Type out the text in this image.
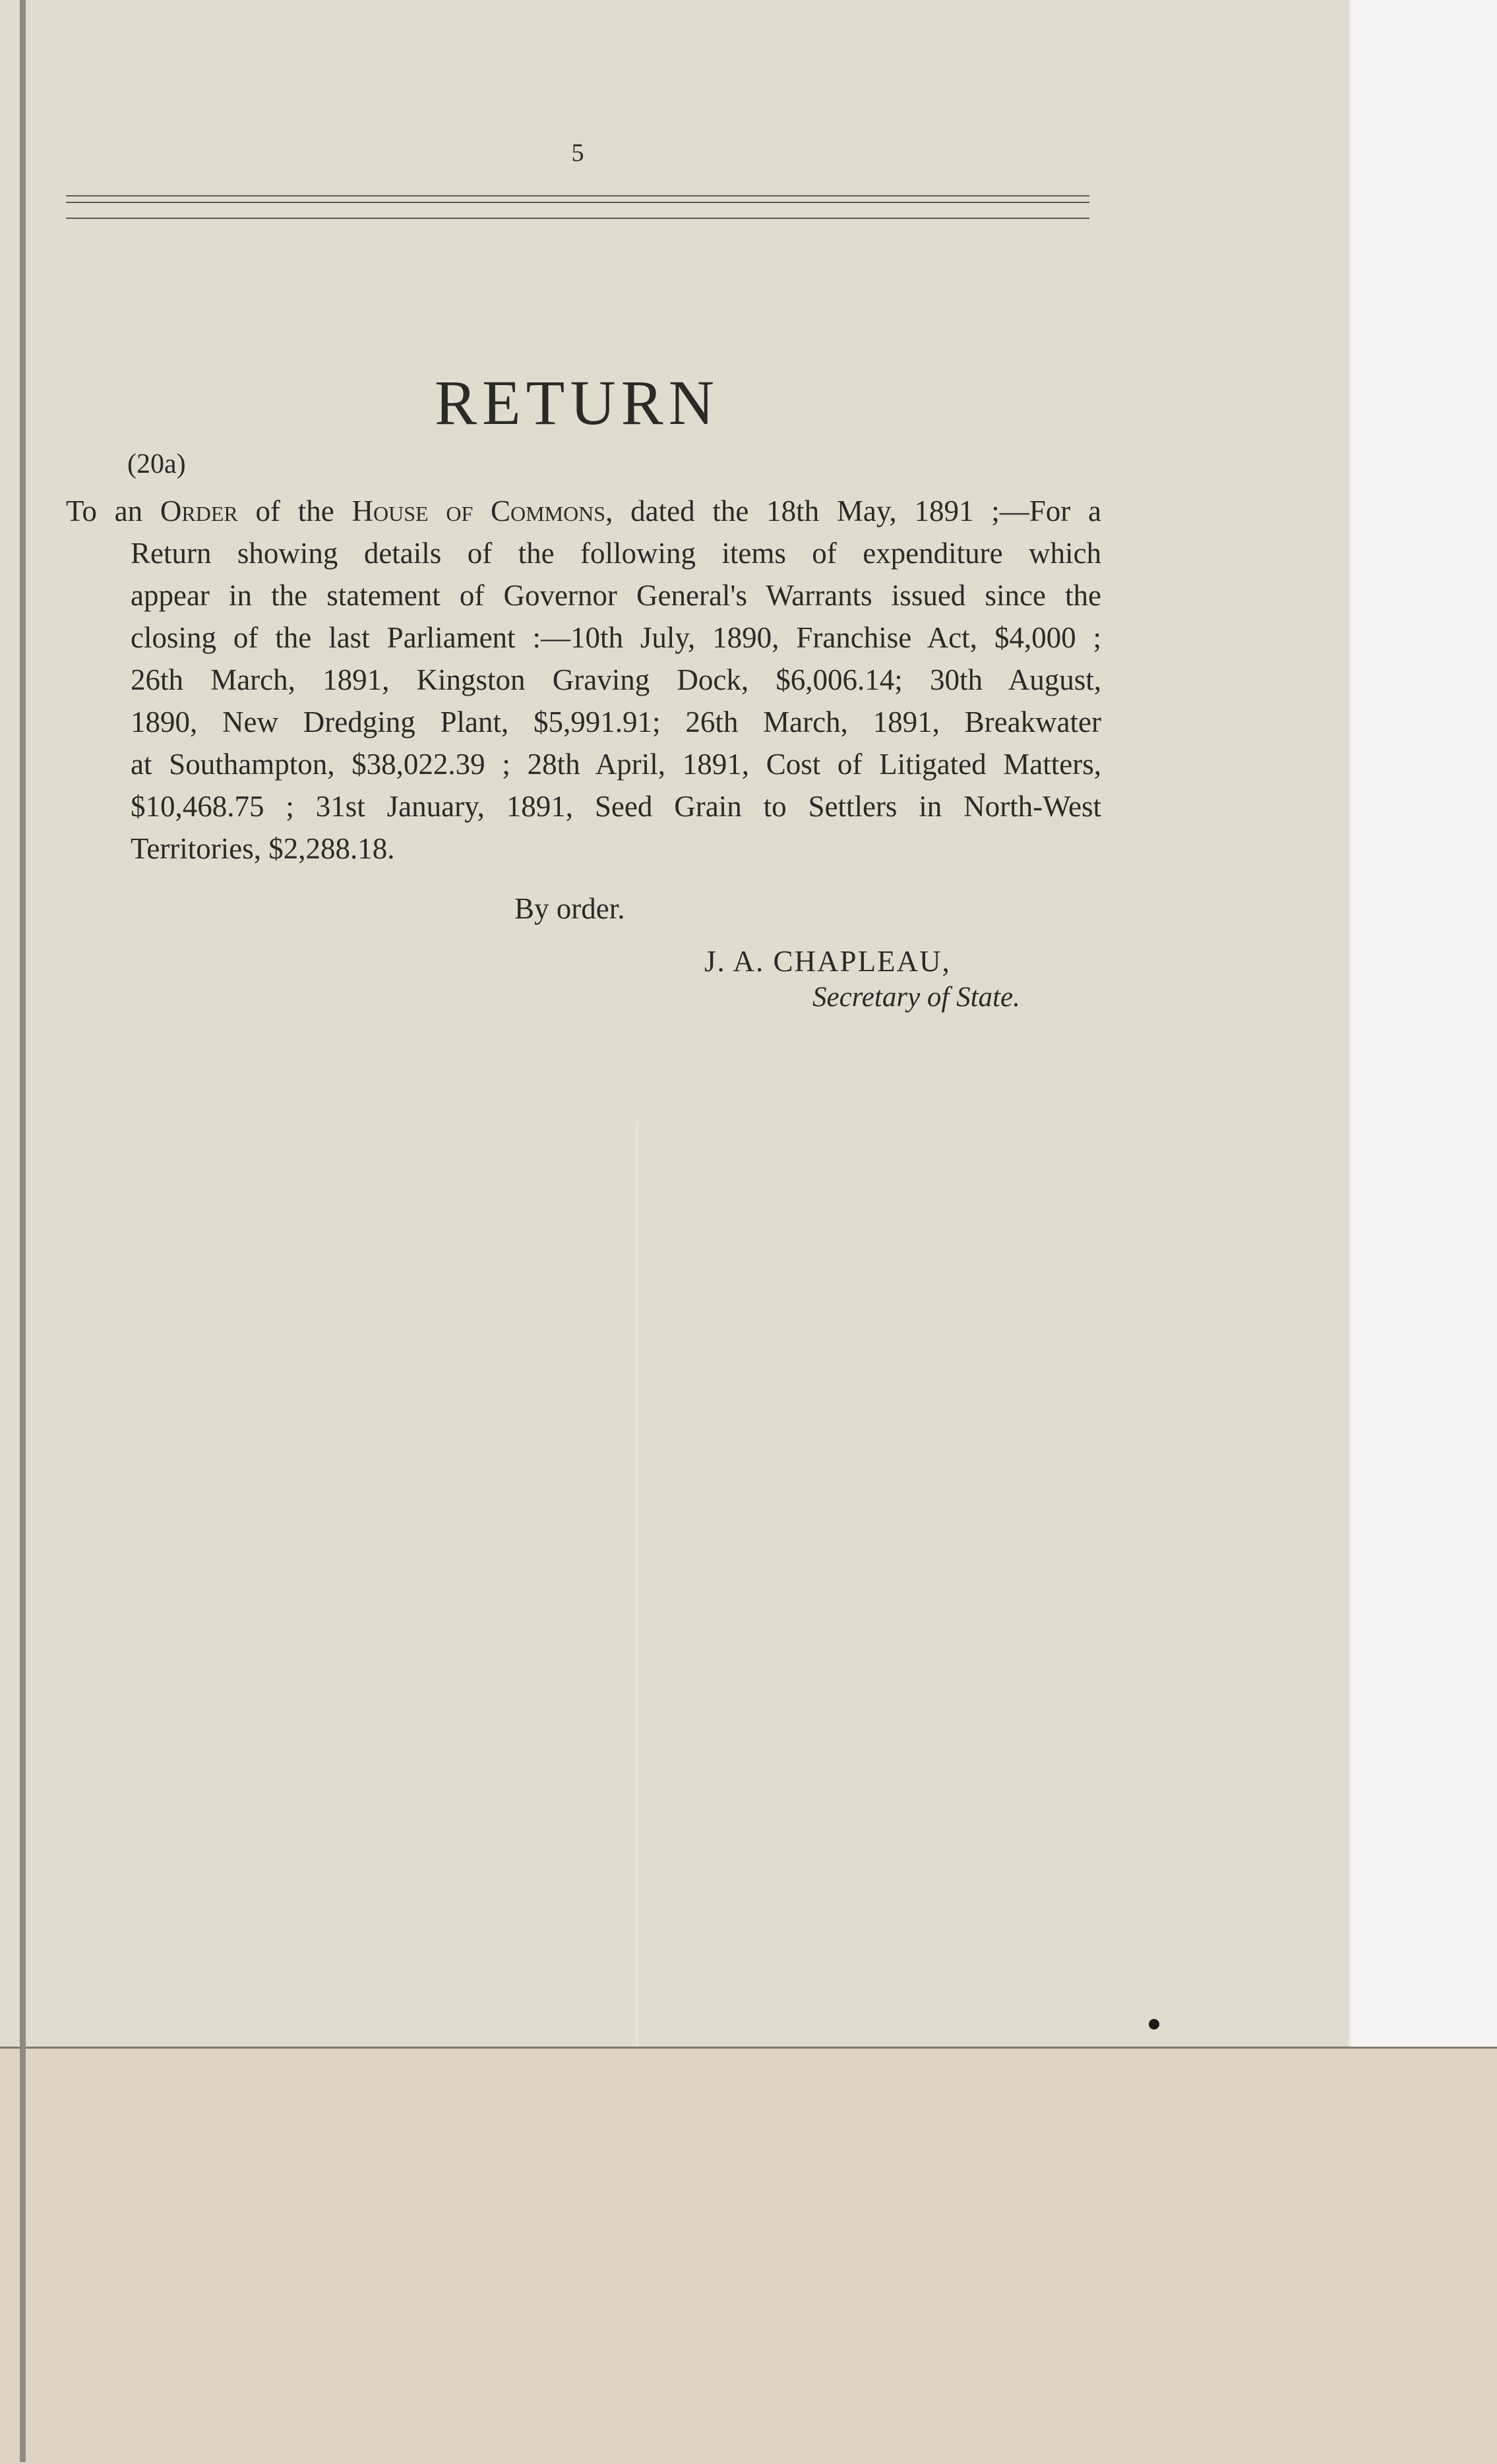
5
RETURN
(20a)
To an Order of the House of Commons, dated the 18th May, 1891 ;—For a
Return showing details of the following items of expenditure which
appear in the statement of Governor General's Warrants issued since the
closing of the last Parliament :—10th July, 1890, Franchise Act, $4,000 ;
26th March, 1891, Kingston Graving Dock, $6,006.14; 30th August,
1890, New Dredging Plant, $5,991.91; 26th March, 1891, Breakwater
at Southampton, $38,022.39 ; 28th April, 1891, Cost of Litigated Matters,
$10,468.75 ; 31st January, 1891, Seed Grain to Settlers in North-West
Territories, $2,288.18.
By order.
J. A. CHAPLEAU,
Secretary of State.
